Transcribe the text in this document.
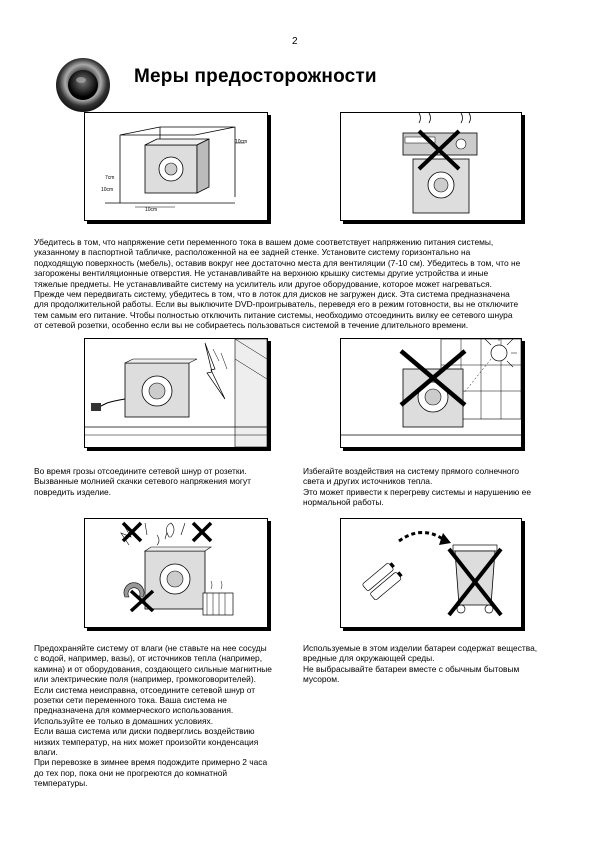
2
Меры предосторожности
10cm
7cm
10cm
10cm

Убедитесь в том, что напряжение сети переменного тока в вашем доме соответствует напряжению питания системы,

указанному в паспортной табличке, расположенной на ее задней стенке. Установите систему горизонтально на

подходящую поверхность (мебель), оставив вокруг нее достаточно места для вентиляции (7-10 см). Убедитесь в том, что не

загорожены вентиляционные отверстия. Не устанавливайте на верхнюю крышку системы другие устройства и иные

тяжелые предметы. Не устанавливайте систему на усилитель или другое оборудование, которое может нагреваться.

Прежде чем передвигать систему, убедитесь в том, что в лоток для дисков не загружен диск. Эта система предназначена

для продолжительной работы. Если вы выключите DVD-проигрыватель, переведя его в режим готовности, вы не отключите

тем самым его питание. Чтобы полностью отключить питание системы, необходимо отсоединить вилку ее сетевого шнура

от сетевой розетки, особенно если вы не собираетесь пользоваться системой в течение длительного времени.

Во время грозы отсоедините сетевой шнур от розетки.

Вызванные молнией скачки сетевого напряжения могут

повредить изделие.

Избегайте воздействия на систему прямого солнечного

света и других источников тепла.

Это может привести к перегреву системы и нарушению ее

нормальной работы.

Предохраняйте систему от влаги (не ставьте на нее сосуды

с водой, например, вазы), от источников тепла (например,

камина) и от оборудования, создающего сильные магнитные

или электрические поля (например, громкоговорителей).

Если система неисправна, отсоедините сетевой шнур от

розетки сети переменного тока. Ваша система не

предназначена для коммерческого использования.

Используйте ее только в домашних условиях.

Если ваша система или диски подверглись воздействию

низких температур, на них может произойти конденсация

влаги.

При перевозке в зимнее время подождите примерно 2 часа

до тех пор, пока они не прогреются до комнатной

температуры.

Используемые в этом изделии батареи содержат вещества,

вредные для окружающей среды.

Не выбрасывайте батареи вместе с обычным бытовым

мусором.
